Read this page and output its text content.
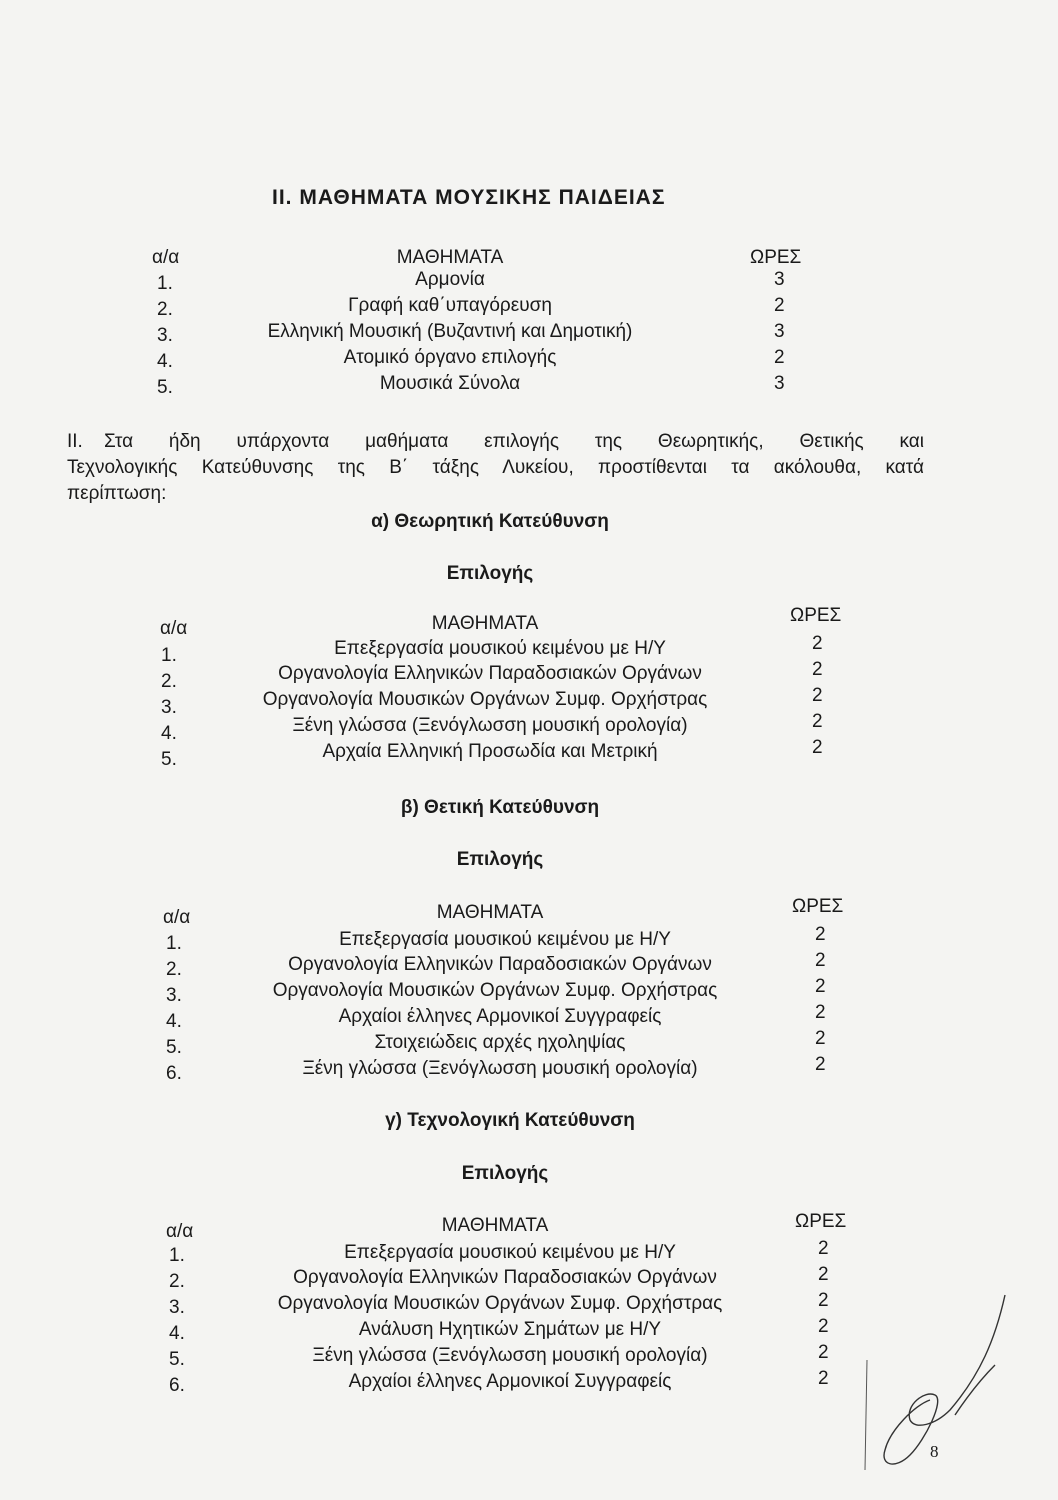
II. ΜΑΘΗΜΑΤΑ ΜΟΥΣΙΚΗΣ ΠΑΙΔΕΙΑΣ
α/α	ΜΑΘΗΜΑΤΑ	ΩΡΕΣ
1.	Αρμονία	3
2.	Γραφή καθ΄υπαγόρευση	2
3.	Ελληνική Μουσική (Βυζαντινή και Δημοτική)	3
4.	Ατομικό όργανο επιλογής	2
5.	Μουσικά Σύνολα	3
ΙΙ. Στα ήδη υπάρχοντα μαθήματα επιλογής της Θεωρητικής, Θετικής και
Τεχνολογικής Κατεύθυνσης της Β΄ τάξης Λυκείου, προστίθενται τα ακόλουθα, κατά
περίπτωση:
α) Θεωρητική Κατεύθυνση
Επιλογής
α/α	ΜΑΘΗΜΑΤΑ	ΩΡΕΣ
1.	Επεξεργασία μουσικού κειμένου με Η/Υ	2
2.	Οργανολογία Ελληνικών Παραδοσιακών Οργάνων	2
3.	Οργανολογία Μουσικών Οργάνων Συμφ. Ορχήστρας	2
4.	Ξένη γλώσσα (Ξενόγλωσση μουσική ορολογία)	2
5.	Αρχαία Ελληνική Προσωδία και Μετρική	2
β) Θετική Κατεύθυνση
Επιλογής
α/α	ΜΑΘΗΜΑΤΑ	ΩΡΕΣ
1.	Επεξεργασία μουσικού κειμένου με Η/Υ	2
2.	Οργανολογία Ελληνικών Παραδοσιακών Οργάνων	2
3.	Οργανολογία Μουσικών Οργάνων Συμφ. Ορχήστρας	2
4.	Αρχαίοι έλληνες Αρμονικοί Συγγραφείς	2
5.	Στοιχειώδεις αρχές ηχοληψίας	2
6.	Ξένη γλώσσα (Ξενόγλωσση μουσική ορολογία)	2
γ) Τεχνολογική Κατεύθυνση
Επιλογής
α/α	ΜΑΘΗΜΑΤΑ	ΩΡΕΣ
1.	Επεξεργασία μουσικού κειμένου με Η/Υ	2
2.	Οργανολογία Ελληνικών Παραδοσιακών Οργάνων	2
3.	Οργανολογία Μουσικών Οργάνων Συμφ. Ορχήστρας	2
4.	Ανάλυση Ηχητικών Σημάτων με Η/Υ	2
5.	Ξένη γλώσσα (Ξενόγλωσση μουσική ορολογία)	2
6.	Αρχαίοι έλληνες Αρμονικοί Συγγραφείς	2
8
